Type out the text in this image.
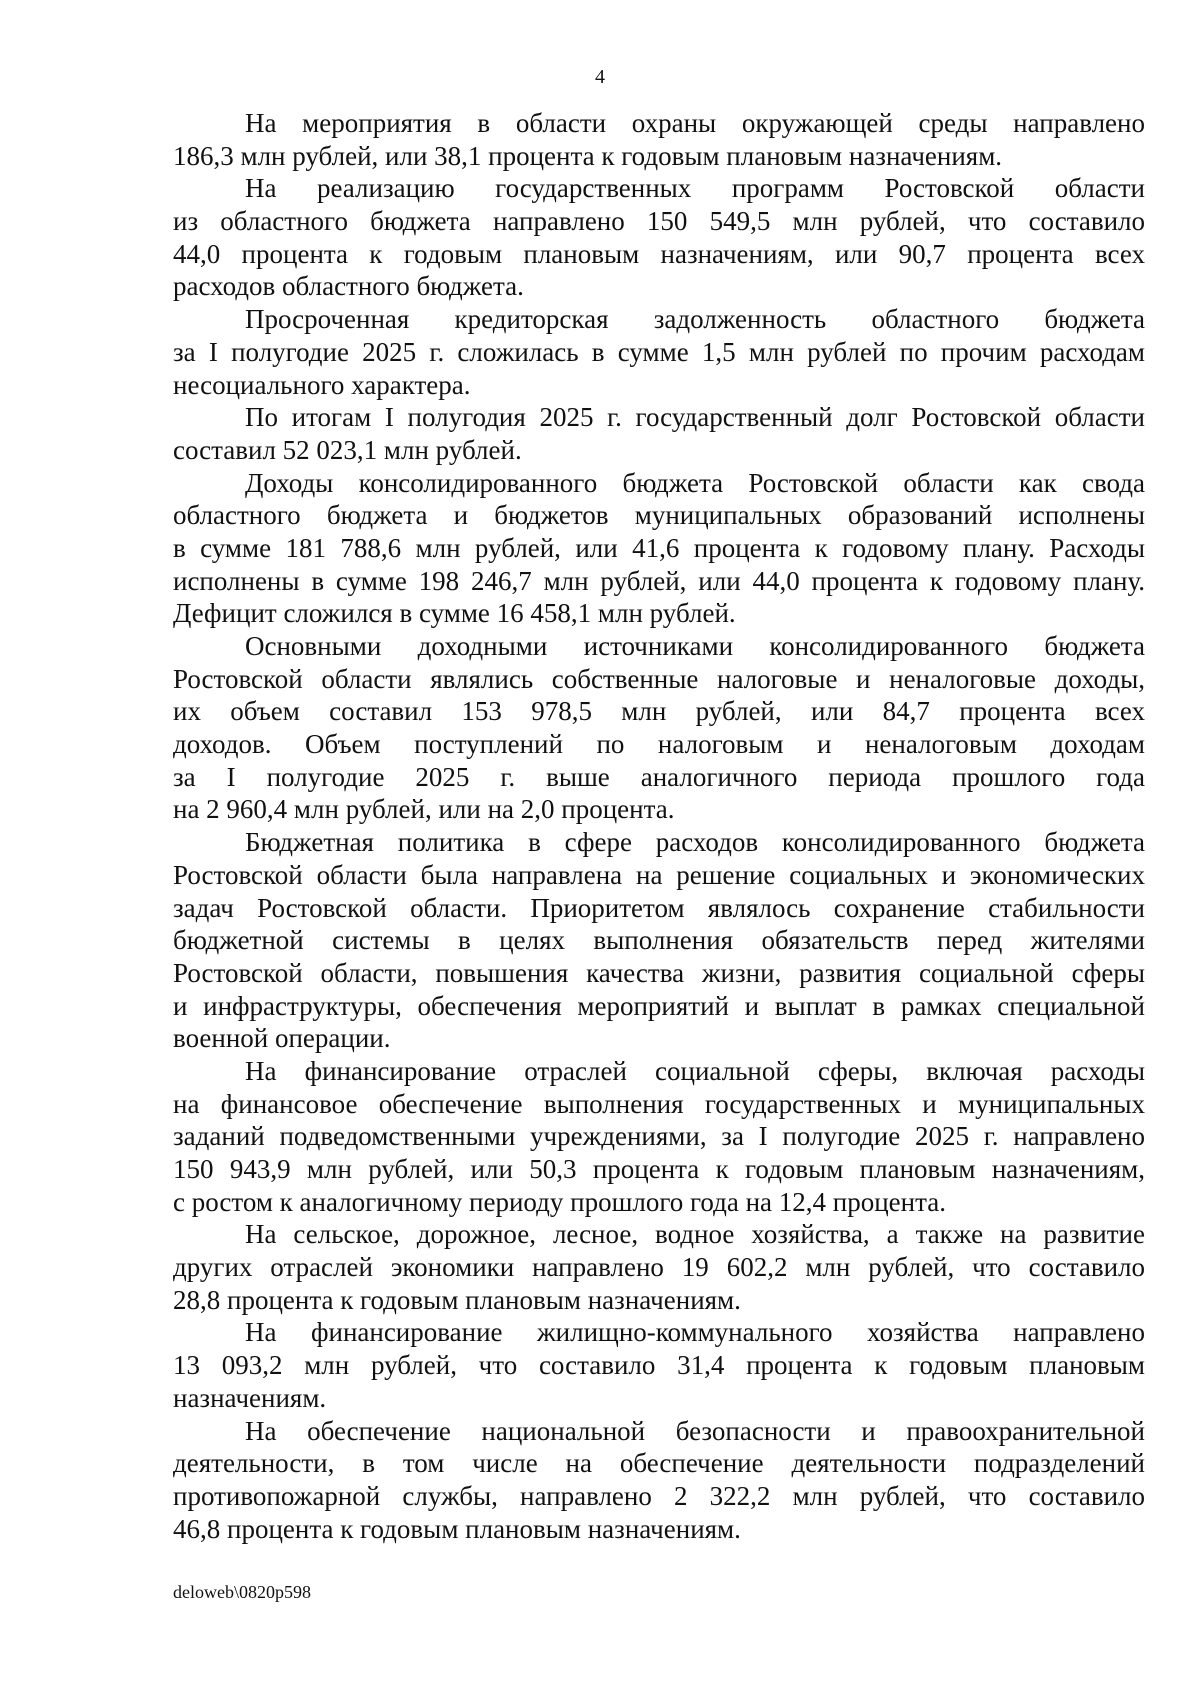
4
На мероприятия в области охраны окружающей среды направлено
186,3 млн рублей, или 38,1 процента к годовым плановым назначениям.
На реализацию государственных программ Ростовской области
из областного бюджета направлено 150 549,5 млн рублей, что составило
44,0 процента к годовым плановым назначениям, или 90,7 процента всех
расходов областного бюджета.
Просроченная кредиторская задолженность областного бюджета
за I полугодие 2025 г. сложилась в сумме 1,5 млн рублей по прочим расходам
несоциального характера.
По итогам I полугодия 2025 г. государственный долг Ростовской области
составил 52 023,1 млн рублей.
Доходы консолидированного бюджета Ростовской области как свода
областного бюджета и бюджетов муниципальных образований исполнены
в сумме 181 788,6 млн рублей, или 41,6 процента к годовому плану. Расходы
исполнены в сумме 198 246,7 млн рублей, или 44,0 процента к годовому плану.
Дефицит сложился в сумме 16 458,1 млн рублей.
Основными доходными источниками консолидированного бюджета
Ростовской области являлись собственные налоговые и неналоговые доходы,
их объем составил 153 978,5 млн рублей, или 84,7 процента всех
доходов. Объем поступлений по налоговым и неналоговым доходам
за I полугодие 2025 г. выше аналогичного периода прошлого года
на 2 960,4 млн рублей, или на 2,0 процента.
Бюджетная политика в сфере расходов консолидированного бюджета
Ростовской области была направлена на решение социальных и экономических
задач Ростовской области. Приоритетом являлось сохранение стабильности
бюджетной системы в целях выполнения обязательств перед жителями
Ростовской области, повышения качества жизни, развития социальной сферы
и инфраструктуры, обеспечения мероприятий и выплат в рамках специальной
военной операции.
На финансирование отраслей социальной сферы, включая расходы
на финансовое обеспечение выполнения государственных и муниципальных
заданий подведомственными учреждениями, за I полугодие 2025 г. направлено
150 943,9 млн рублей, или 50,3 процента к годовым плановым назначениям,
с ростом к аналогичному периоду прошлого года на 12,4 процента.
На сельское, дорожное, лесное, водное хозяйства, а также на развитие
других отраслей экономики направлено 19 602,2 млн рублей, что составило
28,8 процента к годовым плановым назначениям.
На финансирование жилищно-коммунального хозяйства направлено
13 093,2 млн рублей, что составило 31,4 процента к годовым плановым
назначениям.
На обеспечение национальной безопасности и правоохранительной
деятельности, в том числе на обеспечение деятельности подразделений
противопожарной службы, направлено 2 322,2 млн рублей, что составило
46,8 процента к годовым плановым назначениям.
deloweb\0820p598
